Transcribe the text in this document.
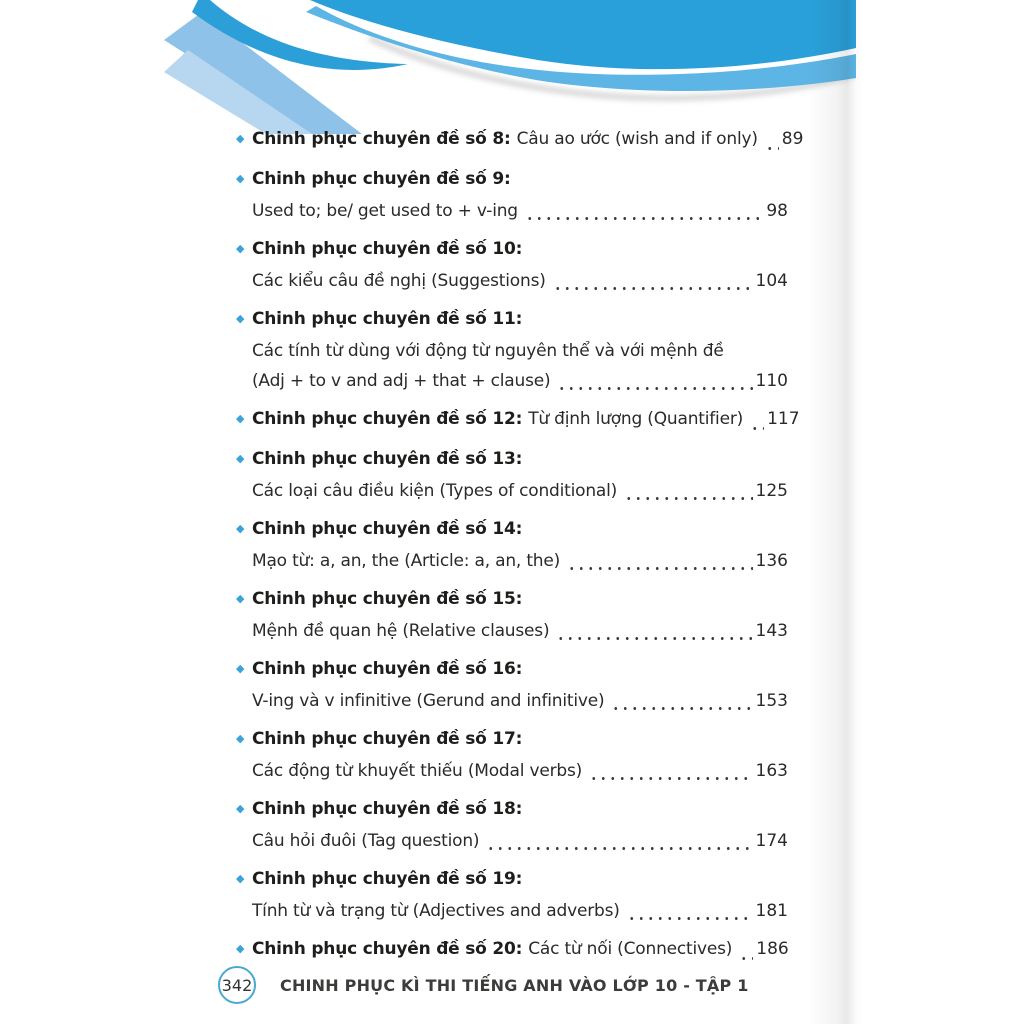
◆ Chinh phục chuyên đề số 8: Câu ao ước (wish and if only) 89
◆ Chinh phục chuyên đề số 9:
Used to; be/ get used to + v-ing	98
◆ Chinh phục chuyên đề số 10:
Các kiểu câu đề nghị (Suggestions)	104
◆ Chinh phục chuyên đề số 11:
Các tính từ dùng với động từ nguyên thể và với mệnh đề
(Adj + to v and adj + that + clause)	110
◆ Chinh phục chuyên đề số 12: Từ định lượng (Quantifier) 117
◆ Chinh phục chuyên đề số 13:
Các loại câu điều kiện (Types of conditional)	125
◆ Chinh phục chuyên đề số 14:
Mạo từ: a, an, the (Article: a, an, the)	136
◆ Chinh phục chuyên đề số 15:
Mệnh đề quan hệ (Relative clauses)	143
◆ Chinh phục chuyên đề số 16:
V-ing và v infinitive (Gerund and infinitive)	153
◆ Chinh phục chuyên đề số 17:
Các động từ khuyết thiếu (Modal verbs)	163
◆ Chinh phục chuyên đề số 18:
Câu hỏi đuôi (Tag question)	174
◆ Chinh phục chuyên đề số 19:
Tính từ và trạng từ (Adjectives and adverbs)	181
◆ Chinh phục chuyên đề số 20: Các từ nối (Connectives) 186
342 CHINH PHỤC KÌ THI TIẾNG ANH VÀO LỚP 10 - TẬP 1
